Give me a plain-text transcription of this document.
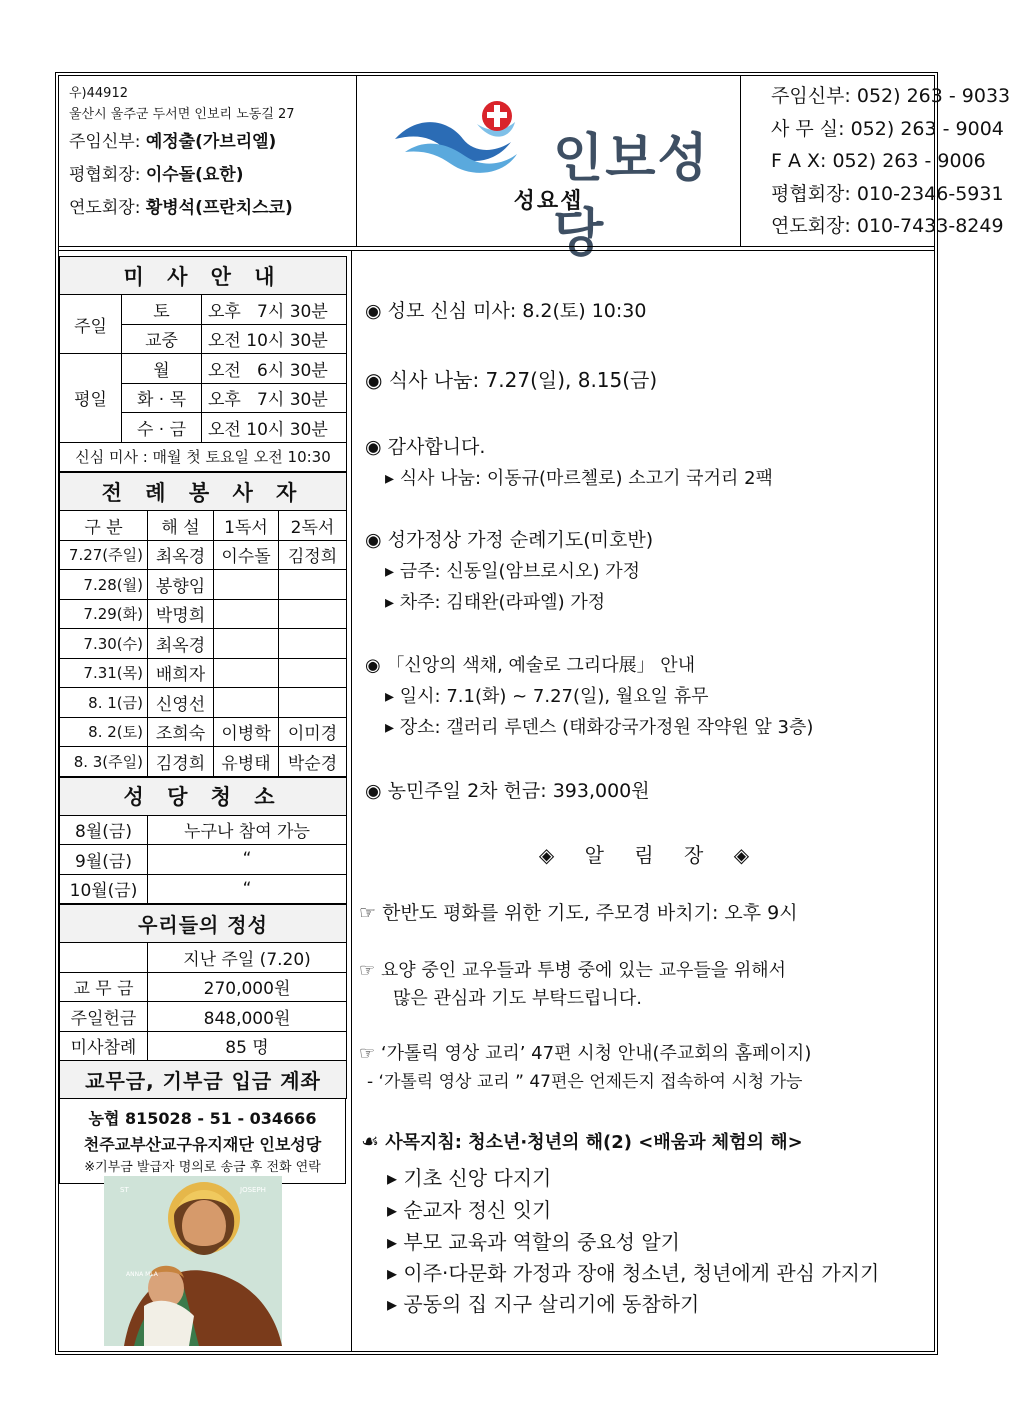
우)44912
울산시 울주군 두서면 인보리 노동길 27
주임신부: 예정출(가브리엘)
평협회장: 이수돌(요한)
연도회장: 황병석(프란치스코)
인보성당
성요셉
주임신부: 052) 263 - 9033
사 무 실: 052) 263 - 9004
F A X: 052) 263 - 9006
평협회장: 010-2346-5931
연도회장: 010-7433-8249
미 사 안 내		
주일	토	오후   7시 30분
	교중	오전 10시 30분
평일	월	오전   6시 30분
	화 · 목	오후   7시 30분
	수 · 금	오전 10시 30분
신심 미사 : 매월 첫 토요일 오전 10:30		
전 례 봉 사 자			
구 분	해 설	1독서	2독서
7.27(주일)	최옥경	이수돌	김정희
7.28(월)	봉향임		
7.29(화)	박명희		
7.30(수)	최옥경		
7.31(목)	배희자		
8. 1(금)	신영선		
8. 2(토)	조희숙	이병학	이미경
8. 3(주일)	김경희	유병태	박순경
성 당 청 소	
8월(금)	누구나 참여 가능
9월(금)	“
10월(금)	“
우리들의 정성	
	지난 주일 (7.20)
교 무 금	270,000원
주일헌금	848,000원
미사참례	85 명
교무금, 기부금 입금 계좌	
농협 815028 - 51 - 034666
천주교부산교구유지재단 인보성당
※기부금 발급자 명의로 송금 후 전화 연락
ST	JOSEPH
ANNA MLA
◉ 성모 신심 미사: 8.2(토) 10:30
◉ 식사 나눔: 7.27(일), 8.15(금)
◉ 감사합니다.
▸ 식사 나눔: 이동규(마르첼로) 소고기 국거리 2팩
◉ 성가정상 가정 순례기도(미호반)
▸ 금주: 신동일(암브로시오) 가정
▸ 차주: 김태완(라파엘) 가정
◉ 「신앙의 색채, 예술로 그리다展」 안내
▸ 일시: 7.1(화) ~ 7.27(일), 월요일 휴무
▸ 장소: 갤러리 루덴스 (태화강국가정원 작약원 앞 3층)
◉ 농민주일 2차 헌금: 393,000원
◈ 알 림 장 ◈
☞ 한반도 평화를 위한 기도, 주모경 바치기: 오후 9시
☞ 요양 중인 교우들과 투병 중에 있는 교우들을 위해서
많은 관심과 기도 부탁드립니다.
☞ ‘가톨릭 영상 교리’ 47편 시청 안내(주교회의 홈페이지)
- ‘가톨릭 영상 교리 ” 47편은 언제든지 접속하여 시청 가능
☙ 사목지침: 청소년·청년의 해(2) <배움과 체험의 해>
▸ 기초 신앙 다지기
▸ 순교자 정신 잇기
▸ 부모 교육과 역할의 중요성 알기
▸ 이주·다문화 가정과 장애 청소년, 청년에게 관심 가지기
▸ 공동의 집 지구 살리기에 동참하기
